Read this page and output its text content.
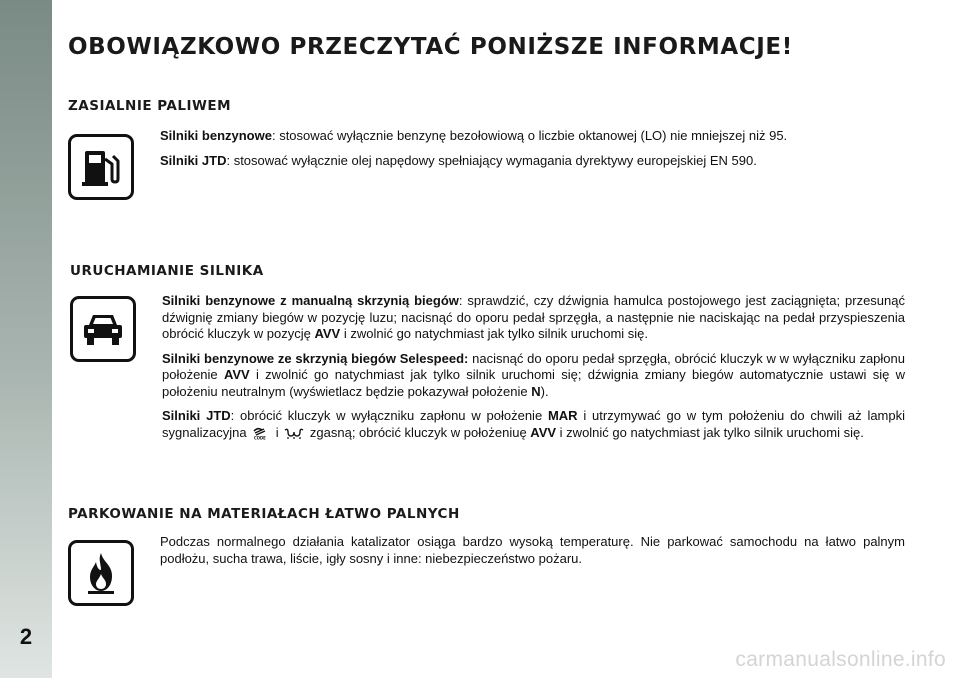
2
OBOWIĄZKOWO PRZECZYTAĆ PONIŻSZE INFORMACJE!
ZASIALNIE PALIWEM

Silniki benzynowe: stosować wyłącznie benzynę bezołowiową o liczbie oktanowej (LO) nie mniejszej niż 95.

Silniki JTD: stosować wyłącznie olej napędowy spełniający wymagania dyrektywy europejskiej EN 590.

URUCHAMIANIE SILNIKA

Silniki benzynowe z manualną skrzynią biegów: sprawdzić, czy dźwignia hamulca postojowego jest zaciągnięta; przesunąć dźwignię zmiany biegów w pozycję luzu; nacisnąć do oporu pedał sprzęgła, a następnie nie naciskając na pedał przyspieszenia obrócić kluczyk w pozycję AVV i zwolnić go natychmiast jak tylko silnik uruchomi się.

Silniki benzynowe ze skrzynią biegów Selespeed: nacisnąć do oporu pedał sprzęgła, obrócić kluczyk w w wyłączniku zapłonu położenie AVV i zwolnić go natychmiast jak tylko silnik uruchomi się; dźwignia zmiany biegów automatycznie ustawi się w położeniu neutralnym (wyświetlacz będzie pokazywał położenie N).

Silniki JTD: obrócić kluczyk w wyłączniku zapłonu w położenie MAR i utrzymywać go w tym położeniu do chwili aż lampki sygnalizacyjna CODE i  zgasną; obrócić kluczyk w położeniuę AVV i zwolnić go natychmiast jak tylko silnik uruchomi się.

PARKOWANIE NA MATERIAŁACH ŁATWO PALNYCH

Podczas normalnego działania katalizator osiąga bardzo wysoką temperaturę. Nie parkować samochodu na łatwo palnym podłożu, sucha trawa, liście, igły sosny i inne: niebezpieczeństwo pożaru.

carmanualsonline.info
